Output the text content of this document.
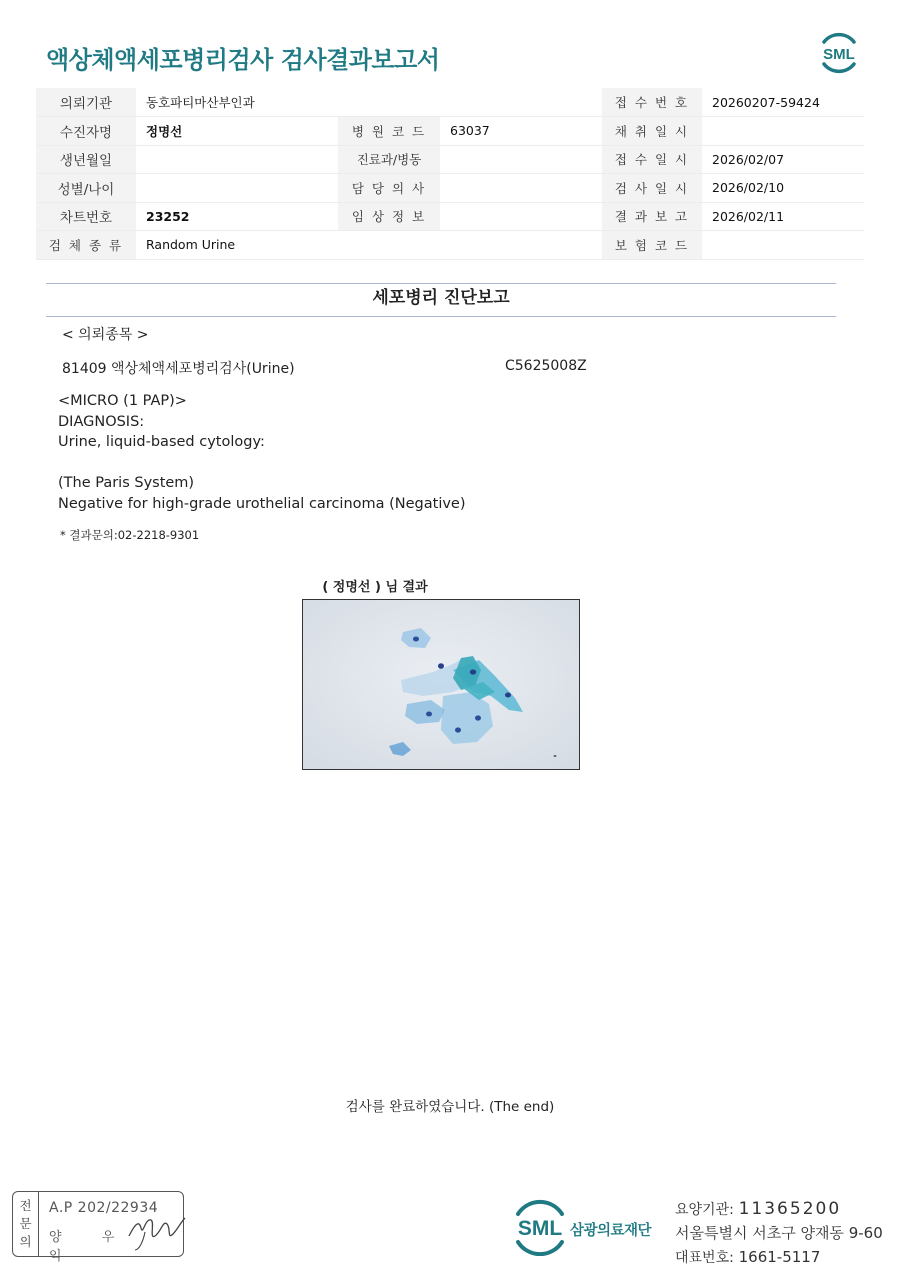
액상체액세포병리검사 검사결과보고서	SML
의뢰기관	동호파티마산부인과			접 수 번 호	20260207-59424
수진자명	정명선	병 원 코 드	63037	채 취 일 시	
생년월일		진료과/병동		접 수 일 시	2026/02/07
성별/나이		담 당 의 사		검 사 일 시	2026/02/10
차트번호	23252	임 상 정 보		결 과 보 고	2026/02/11
검 체 종 류	Random Urine			보 험 코 드	
세포병리 진단보고
< 의뢰종목 >
81409 액상체액세포병리검사(Urine)	C5625008Z
<MICRO (1 PAP)>
DIAGNOSIS:
Urine, liquid-based cytology:
(The Paris System)
Negative for high-grade urothelial carcinoma (Negative)
* 결과문의:02-2218-9301
( 정명선 ) 님 결과
검사를 완료하였습니다. (The end)
전
문
의
A.P 202/22934
양 우 익
SML 삼광의료재단
요양기관: 11365200
서울특별시 서초구 양재동 9-60
대표번호: 1661-5117
